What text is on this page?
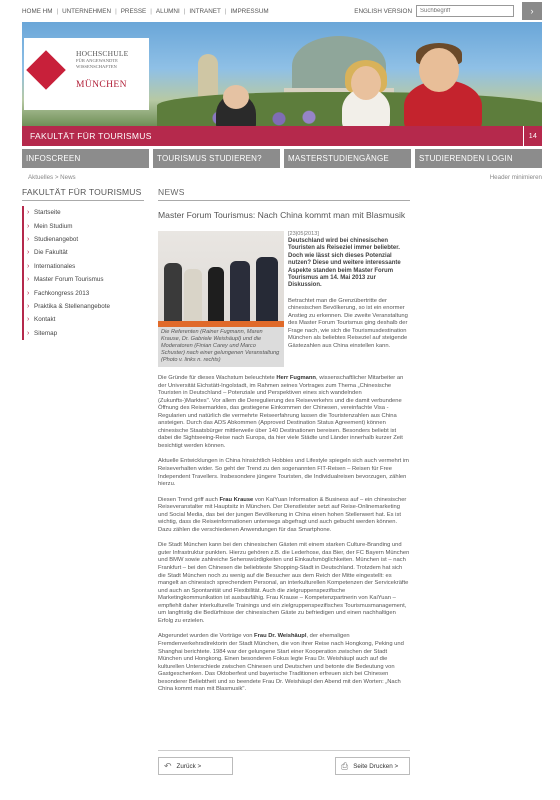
HOME HM | UNTERNEHMEN | PRESSE | ALUMNI | INTRANET | IMPRESSUM	ENGLISH VERSION
Suchbegriff	›
HOCHSCHULE
FÜR ANGEWANDTE
WISSENSCHAFTEN
MÜNCHEN
FAKULTÄT FÜR TOURISMUS	14
INFOSCREEN	TOURISMUS STUDIEREN?	MASTERSTUDIENGÄNGE	STUDIERENDEN LOGIN
Aktuelles > News	Header minimieren
FAKULTÄT FÜR TOURISMUS
› Startseite
› Mein Studium
› Studienangebot
› Die Fakultät
› Internationales
› Master Forum Tourismus
› Fachkongress 2013
› Praktika & Stellenangebote
› Kontakt
› Sitemap
NEWS
Master Forum Tourismus: Nach China kommt man mit Blasmusik
Die Referenten (Rainer Fugmann, Maren Krause, Dr. Gabriele Weishäupl) und die Moderatoren (Finian Carey und Marco Schuster) nach einer gelungenen Veranstaltung (Photo v. links n. rechts)
[23|05|2013]
Deutschland wird bei chinesischen Touristen als Reiseziel immer beliebter. Doch wie lässt sich dieses Potenzial nutzen? Diese und weitere interessante Aspekte standen beim Master Forum Tourismus am 14. Mai 2013 zur Diskussion.
Betrachtet man die Grenzübertritte der chinesischen Bevölkerung, so ist ein enormer Anstieg zu erkennen. Die zweite Veranstaltung des Master Forum Tourismus ging deshalb der Frage nach, wie sich die Tourismusdestination München als beliebtes Reiseziel auf steigende Gästezahlen aus China einstellen kann.

Die Gründe für dieses Wachstum beleuchtete Herr Fugmann, wissenschaftlicher Mitarbeiter an der Universität Eichstätt-Ingolstadt, im Rahmen seines Vortrages zum Thema „Chinesische Touristen in Deutschland – Potenziale und Perspektiven eines sich wandelnden (Zukunfts-)Marktes". Vor allem die Deregulierung des Reiseverkehrs und die damit verbundene Öffnung des Reisemarktes, das gestiegene Einkommen der Chinesen, vereinfachte Visa - Regularien und natürlich die vermehrte Reiseerfahrung lassen die Touristenzahlen aus China ansteigen. Durch das ADS Abkommen (Approved Destination Status Agreement) können chinesische Staatsbürger mittlerweile über 140 Destinationen bereisen. Besonders beliebt ist dabei die Sightseeing-Reise nach Europa, da hier viele Städte und Länder innerhalb kurzer Zeit besichtigt werden können.

Aktuelle Entwicklungen in China hinsichtlich Hobbies und Lifestyle spiegeln sich auch vermehrt im Reiseverhalten wider. So geht der Trend zu den sogenannten FIT-Reisen – Reisen für Free Independent Travellers. Insbesondere jüngere Touristen, die Individualreisen bevorzugen, zählen hierzu.

Diesen Trend griff auch Frau Krause von KaiYuan Information & Business auf – ein chinesischer Reiseveranstalter mit Hauptsitz in München. Der Dienstleister setzt auf Reise-Onlinemarketing und Social Media, das bei der jungen Bevölkerung in China einen hohen Stellenwert hat. Es ist wichtig, dass die Reiseinformationen unterwegs abgefragt und auch gebucht werden können. Dazu zählen die verschiedenen Anwendungen für das Smartphone.

Die Stadt München kann bei den chinesischen Gästen mit einem starken Culture-Branding und guter Infrastruktur punkten. Hierzu gehören z.B. die Lederhose, das Bier, der FC Bayern München und BMW sowie zahlreiche Sehenswürdigkeiten und Einkaufsmöglichkeiten. München ist – nach Frankfurt – bei den Chinesen die beliebteste Shopping-Stadt in Deutschland. Trotzdem hat sich die Stadt München noch zu wenig auf die Besucher aus dem Reich der Mitte eingestellt: es mangelt an chinesisch sprechendem Personal, an interkulturellen Kompetenzen der Servicekräfte und auch an Spontanität und Flexibilität. Auch die zielgruppenspezifische Marketingkommunikation ist ausbaufähig. Frau Krause – Kompetenzpartnerin von KaiYuan – empfiehlt daher interkulturelle Trainings und ein zielgruppenspezifisches Tourismusmanagement, um langfristig die Bedürfnisse der chinesischen Gäste zu befriedigen und einen nachhaltigen Erfolg zu erzielen.

Abgerundet wurden die Vorträge von Frau Dr. Weishäupl, der ehemaligen Fremdenverkehrsdirektorin der Stadt München, die von ihrer Reise nach Hongkong, Peking und Shanghai berichtete. 1984 war der gelungene Start einer Kooperation zwischen der Stadt München und Hongkong. Einen besonderen Fokus legte Frau Dr. Weishäupl auch auf die kulturellen Unterschiede zwischen Chinesen und Deutschen und betonte die Bedeutung von Gastgeschenken. Das Oktoberfest und bayerische Traditionen erfreuen sich bei Chinesen besonderer Beliebtheit und so beendete Frau Dr. Weishäupl den Abend mit den Worten: „Nach China kommt man mit Blasmusik".

↶ Zurück >	⎙ Seite Drucken >
